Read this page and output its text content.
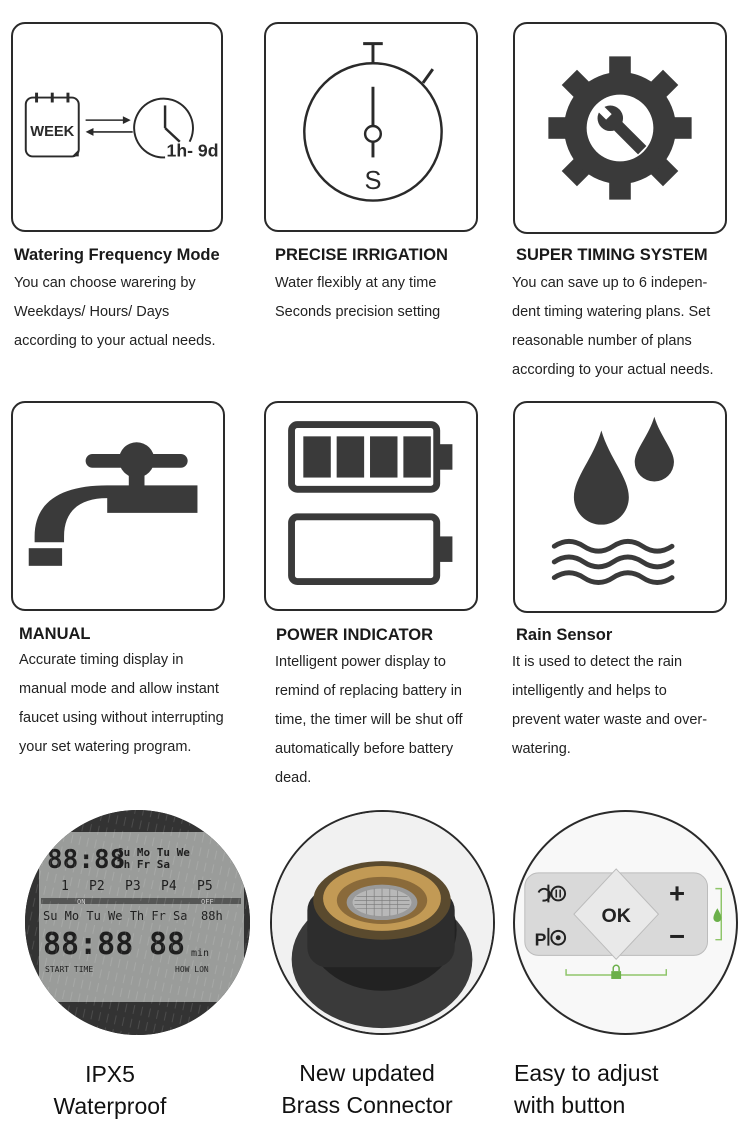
WEEK
1h- 9d
S
6
Watering Frequency Mode
You can choose warering by
Weekdays/ Hours/ Days
according to your actual needs.
PRECISE IRRIGATION
Water flexibly at any time
Seconds precision setting
SUPER TIMING SYSTEM
You can save up to 6 indepen-
dent timing watering plans. Set
reasonable number of plans
according to your actual needs.
MANUAL
Accurate timing display in
manual mode and allow instant
faucet using without interrupting
your set watering program.
POWER INDICATOR
Intelligent power display to
remind of replacing battery in
time, the timer will be shut off
automatically before battery
dead.
Rain Sensor
It is used to detect the rain
intelligently and helps to
prevent water waste and over-
watering.
OK
+
−
P
IPX5
Waterproof
New updated
Brass Connector
Easy to adjust
with button
